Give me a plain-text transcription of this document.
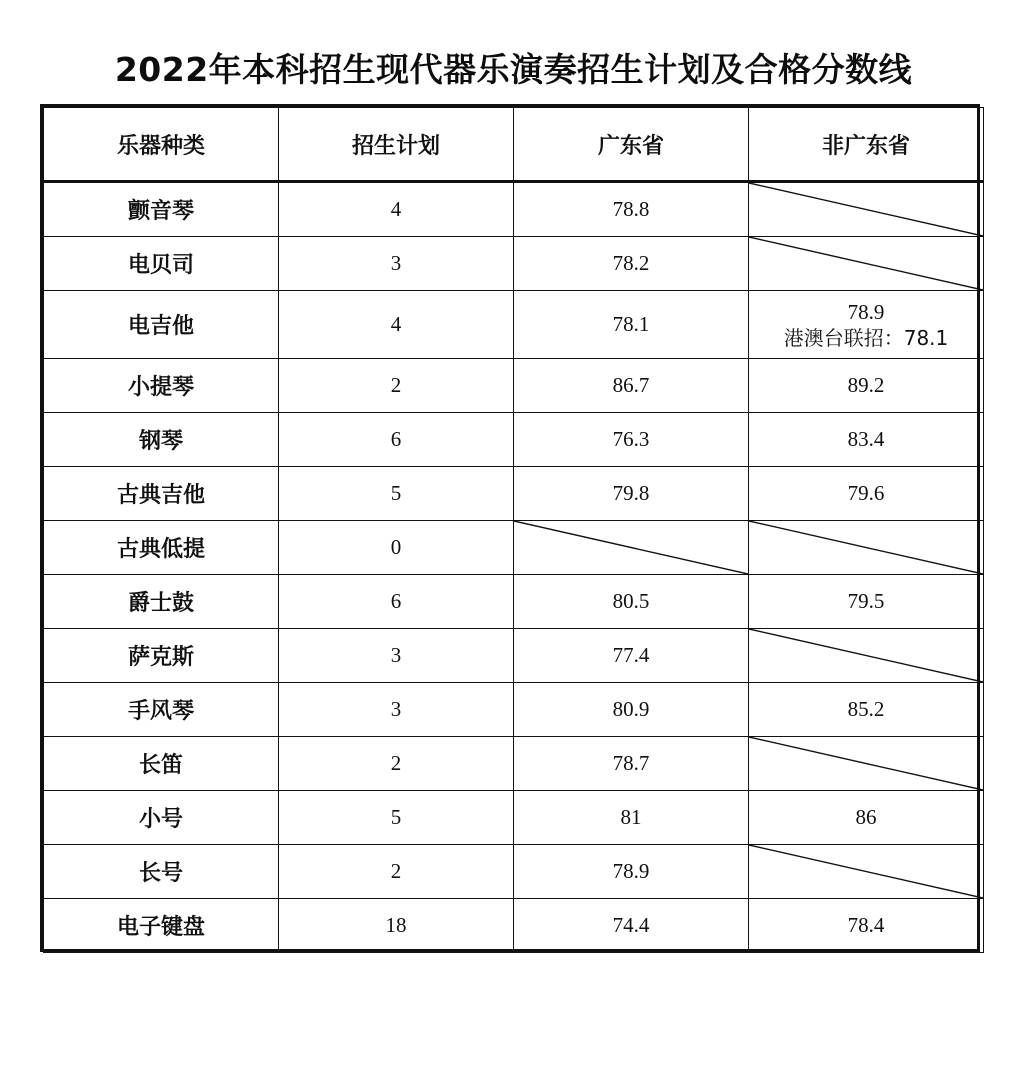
2022年本科招生现代器乐演奏招生计划及合格分数线
乐器种类	招生计划	广东省	非广东省
颤音琴	4	78.8	

电贝司	3	78.2	

电吉他	4	78.1	78.9
港澳台联招：78.1

小提琴	2	86.7	89.2
钢琴	6	76.3	83.4
古典吉他	5	79.8	79.6
古典低提	0	

爵士鼓	6	80.5	79.5
萨克斯	3	77.4	

手风琴	3	80.9	85.2
长笛	2	78.7	

小号	5	81	86
长号	2	78.9	

电子键盘	18	74.4	78.4
